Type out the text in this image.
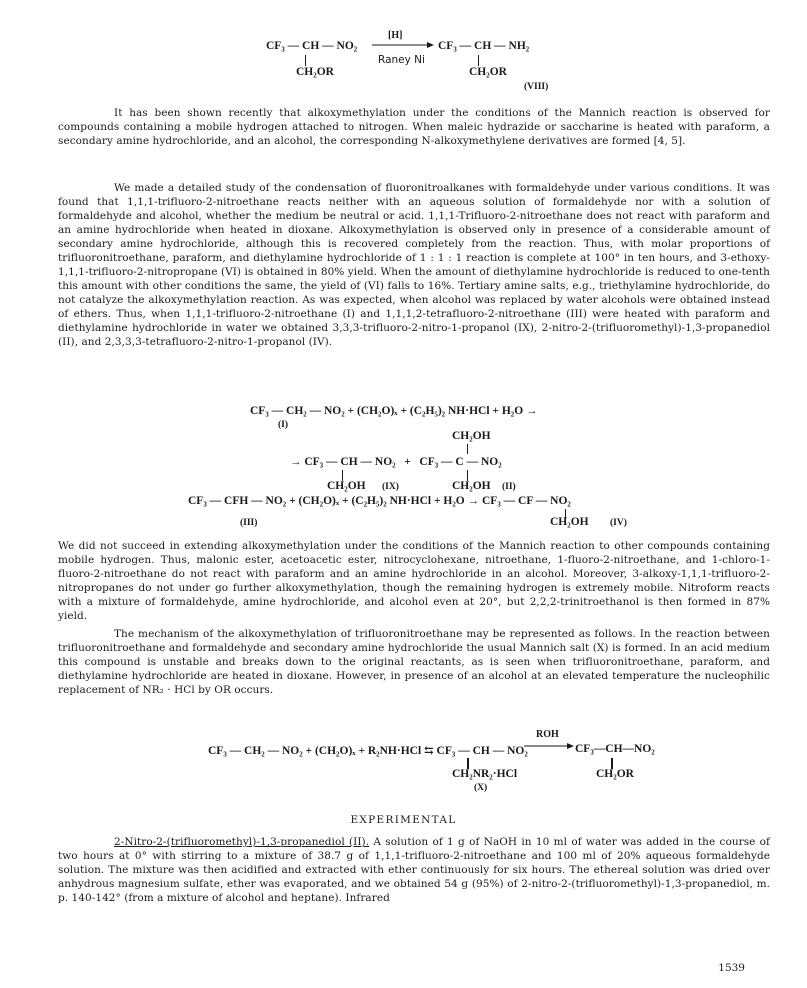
CF₃ — CH — NO₂
CH₂OR
[H]
Raney Ni
CF₃ — CH — NH₂
CH₂OR
(VIII)

It has been shown recently that alkoxymethylation under the conditions of the Mannich reaction is observed for compounds containing a mobile hydrogen attached to nitrogen. When maleic hydrazide or saccharine is heated with paraform, a secondary amine hydrochloride, and an alcohol, the corresponding N-alkoxymethylene derivatives are formed [4, 5].

We made a detailed study of the condensation of fluoronitroalkanes with formaldehyde under various conditions. It was found that 1,1,1-trifluoro-2-nitroethane reacts neither with an aqueous solution of formaldehyde nor with a solution of formaldehyde and alcohol, whether the medium be neutral or acid. 1,1,1-Trifluoro-2-nitroethane does not react with paraform and an amine hydrochloride when heated in dioxane. Alkoxymethylation is observed only in presence of a considerable amount of secondary amine hydrochloride, although this is recovered completely from the reaction. Thus, with molar proportions of trifluoronitroethane, paraform, and diethylamine hydrochloride of 1 : 1 : 1 reaction is complete at 100° in ten hours, and 3-ethoxy-1,1,1-trifluoro-2-nitropropane (VI) is obtained in 80% yield. When the amount of diethylamine hydrochloride is reduced to one-tenth this amount with other conditions the same, the yield of (VI) falls to 16%. Tertiary amine salts, e.g., triethylamine hydrochloride, do not catalyze the alkoxymethylation reaction. As was expected, when alcohol was replaced by water alcohols were obtained instead of ethers. Thus, when 1,1,1-trifluoro-2-nitroethane (I) and 1,1,1,2-tetrafluoro-2-nitroethane (III) were heated with paraform and diethylamine hydrochloride in water we obtained 3,3,3-trifluoro-2-nitro-1-propanol (IX), 2-nitro-2-(trifluoromethyl)-1,3-propanediol (II), and 2,3,3,3-tetrafluoro-2-nitro-1-propanol (IV).

CF₃ — CH₂ — NO₂ + (CH₂O)ₓ + (C₂H₅)₂ NH·HCl + H₂O →
(I)
CH₂OH
→ CF₃ — CH — NO₂   +   CF₃ — C — NO₂
CH₂OH (IX)	CH₂OH (II)
CF₃ — CFH — NO₂ + (CH₂O)ₓ + (C₂H₅)₂ NH·HCl + H₂O → CF₃ — CF — NO₂
(III)	CH₂OH (IV)

We did not succeed in extending alkoxymethylation under the conditions of the Mannich reaction to other compounds containing mobile hydrogen. Thus, malonic ester, acetoacetic ester, nitrocyclohexane, nitroethane, 1-fluoro-2-nitroethane, and 1-chloro-1-fluoro-2-nitroethane do not react with paraform and an amine hydrochloride in an alcohol. Moreover, 3-alkoxy-1,1,1-trifluoro-2-nitropropanes do not under go further alkoxymethylation, though the remaining hydrogen is extremely mobile. Nitroform reacts with a mixture of formaldehyde, amine hydrochloride, and alcohol even at 20°, but 2,2,2-trinitroethanol is then formed in 87% yield.

The mechanism of the alkoxymethylation of trifluoronitroethane may be represented as follows. In the reaction between trifluoronitroethane and formaldehyde and secondary amine hydrochloride the usual Mannich salt (X) is formed. In an acid medium this compound is unstable and breaks down to the original reactants, as is seen when trifluoronitroethane, paraform, and diethylamine hydrochloride are heated in dioxane. However, in presence of an alcohol at an elevated temperature the nucleophilic replacement of NR₂ · HCl by OR occurs.

CF₃ — CH₂ — NO₂ + (CH₂O)ₓ + R₂NH·HCl ⇆ CF₃ — CH — NO₂
ROH
→ CF₃—CH—NO₂
CH₂NR₂·HCl
(X)
CH₂OR
EXPERIMENTAL

2-Nitro-2-(trifluoromethyl)-1,3-propanediol (II). A solution of 1 g of NaOH in 10 ml of water was added in the course of two hours at 0° with stirring to a mixture of 38.7 g of 1,1,1-trifluoro-2-nitroethane and 100 ml of 20% aqueous formaldehyde solution. The mixture was then acidified and extracted with ether continuously for six hours. The ethereal solution was dried over anhydrous magnesium sulfate, ether was evaporated, and we obtained 54 g (95%) of 2-nitro-2-(trifluoromethyl)-1,3-propanediol, m. p. 140-142° (from a mixture of alcohol and heptane). Infrared

1539
